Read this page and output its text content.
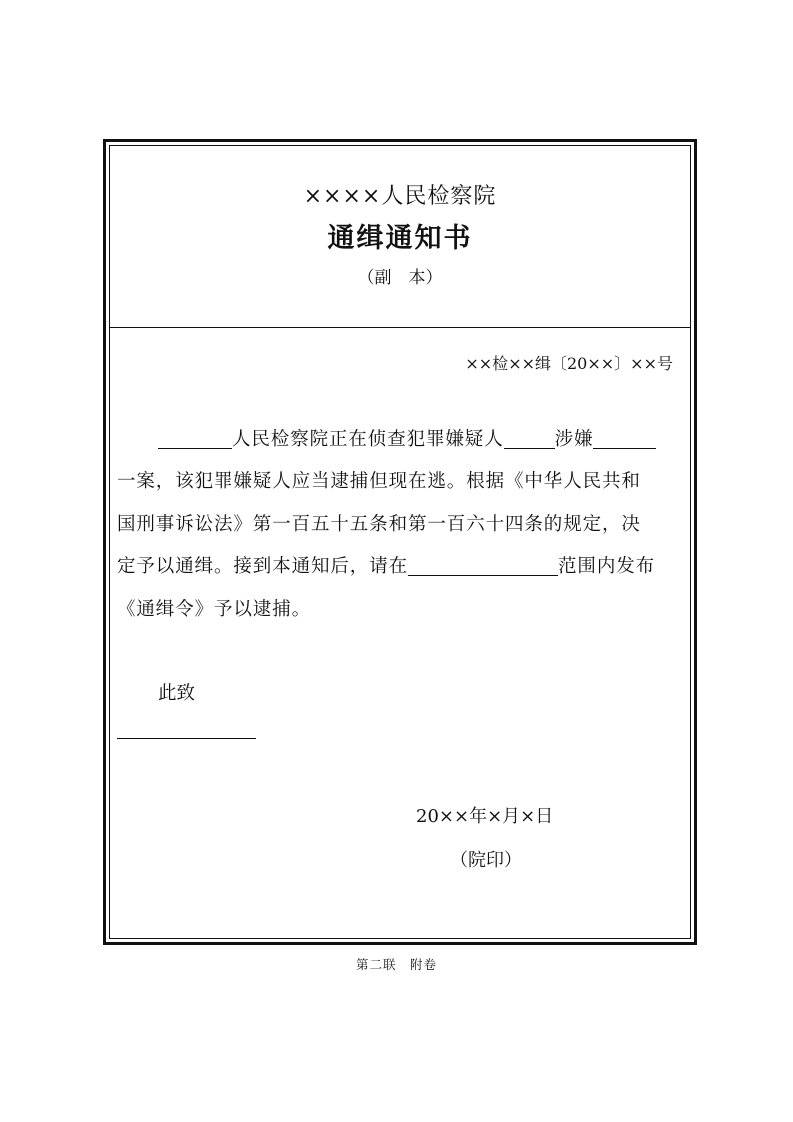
××××人民检察院
通缉通知书
（副　本）
××检××缉〔20××〕××号
人民检察院正在侦查犯罪嫌疑人	涉嫌
一案，该犯罪嫌疑人应当逮捕但现在逃。根据《中华人民共和
国刑事诉讼法》第一百五十五条和第一百六十四条的规定，决
定予以通缉。接到本通知后，请在	范围内发布
《通缉令》予以逮捕。
此致
20××年×月×日
（院印）
第二联　附卷
